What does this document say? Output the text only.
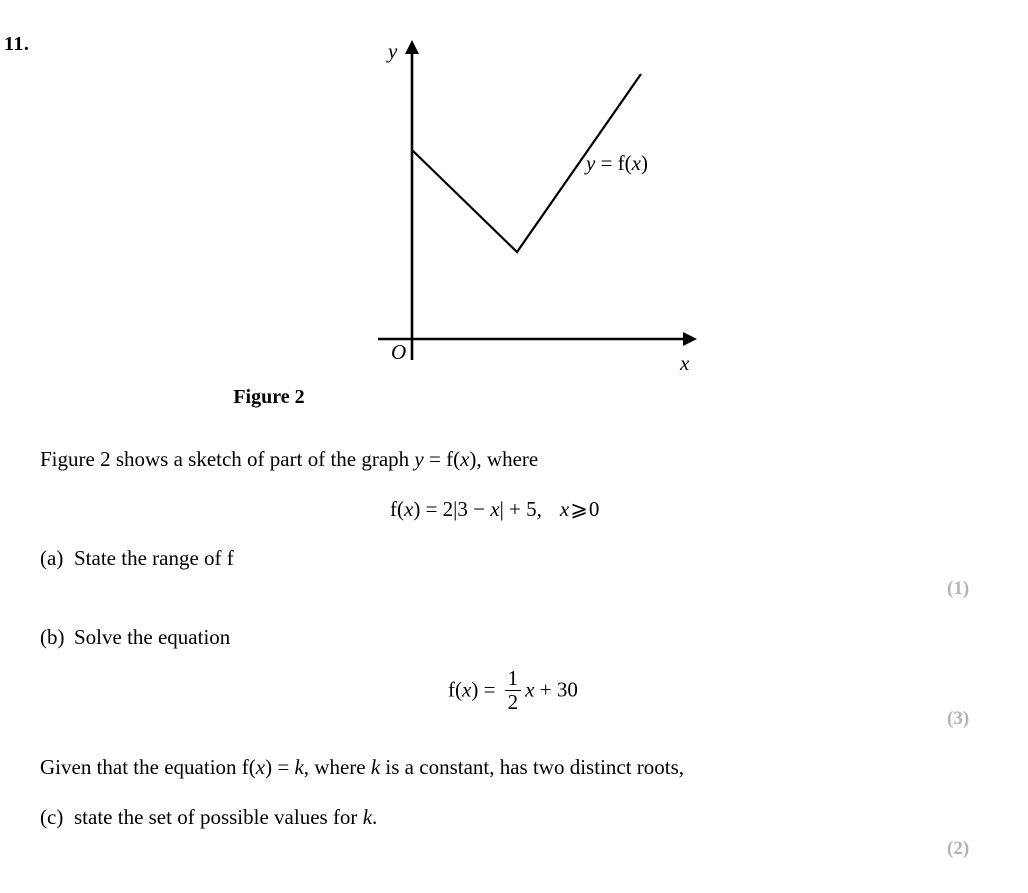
11.	y
x
O
y = f(x)
Figure 2
Figure 2 shows a sketch of part of the graph y = f(x), where
f(x) = 2|3 − x| + 5, x⩾0
(a) State the range of f
(1)
(b) Solve the equation
$f(x) = \frac{1}{2}$ x + 30
(3)
Given that the equation f(x) = k, where k is a constant, has two distinct roots,
(c) state the set of possible values for k.
(2)
